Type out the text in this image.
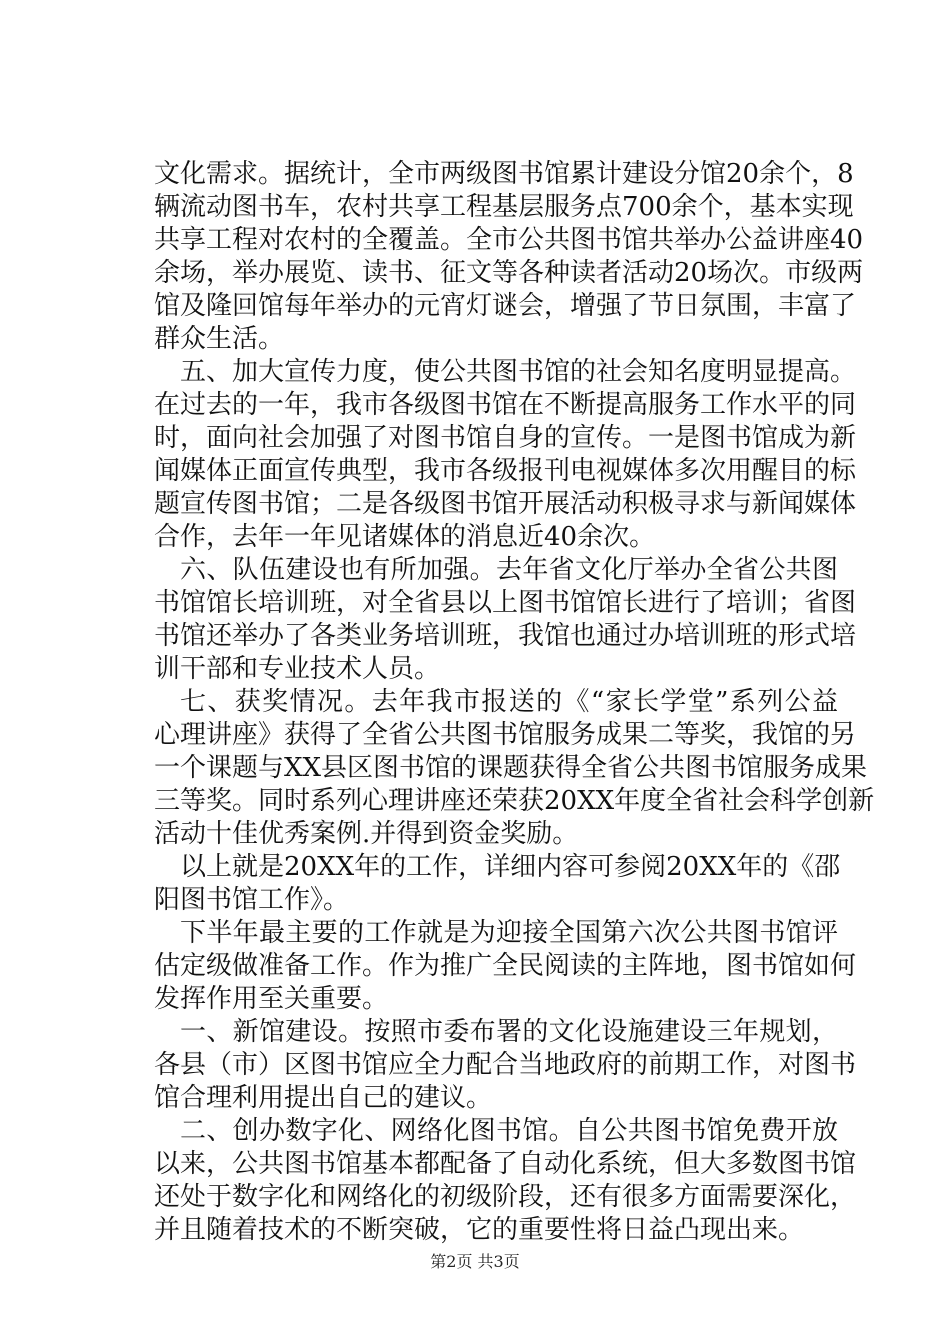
文化需求。据统计，全市两级图书馆累计建设分馆20余个，8
辆流动图书车，农村共享工程基层服务点700余个，基本实现
共享工程对农村的全覆盖。全市公共图书馆共举办公益讲座40
余场，举办展览、读书、征文等各种读者活动20场次。市级两
馆及隆回馆每年举办的元宵灯谜会，增强了节日氛围，丰富了
群众生活。
五、加大宣传力度，使公共图书馆的社会知名度明显提高。
在过去的一年，我市各级图书馆在不断提高服务工作水平的同
时，面向社会加强了对图书馆自身的宣传。一是图书馆成为新
闻媒体正面宣传典型，我市各级报刊电视媒体多次用醒目的标
题宣传图书馆；二是各级图书馆开展活动积极寻求与新闻媒体
合作，去年一年见诸媒体的消息近40余次。
六、队伍建设也有所加强。去年省文化厅举办全省公共图
书馆馆长培训班，对全省县以上图书馆馆长进行了培训；省图
书馆还举办了各类业务培训班，我馆也通过办培训班的形式培
训干部和专业技术人员。
七、获奖情况。去年我市报送的《“家长学堂”系列公益
心理讲座》获得了全省公共图书馆服务成果二等奖，我馆的另
一个课题与XX县区图书馆的课题获得全省公共图书馆服务成果
三等奖。同时系列心理讲座还荣获20XX年度全省社会科学创新
活动十佳优秀案例.并得到资金奖励。
以上就是20XX年的工作，详细内容可参阅20XX年的《邵
阳图书馆工作》。
下半年最主要的工作就是为迎接全国第六次公共图书馆评
估定级做准备工作。作为推广全民阅读的主阵地，图书馆如何
发挥作用至关重要。
一、新馆建设。按照市委布署的文化设施建设三年规划，
各县（市）区图书馆应全力配合当地政府的前期工作，对图书
馆合理利用提出自己的建议。
二、创办数字化、网络化图书馆。自公共图书馆免费开放
以来，公共图书馆基本都配备了自动化系统，但大多数图书馆
还处于数字化和网络化的初级阶段，还有很多方面需要深化，
并且随着技术的不断突破，它的重要性将日益凸现出来。
第2页 共3页
